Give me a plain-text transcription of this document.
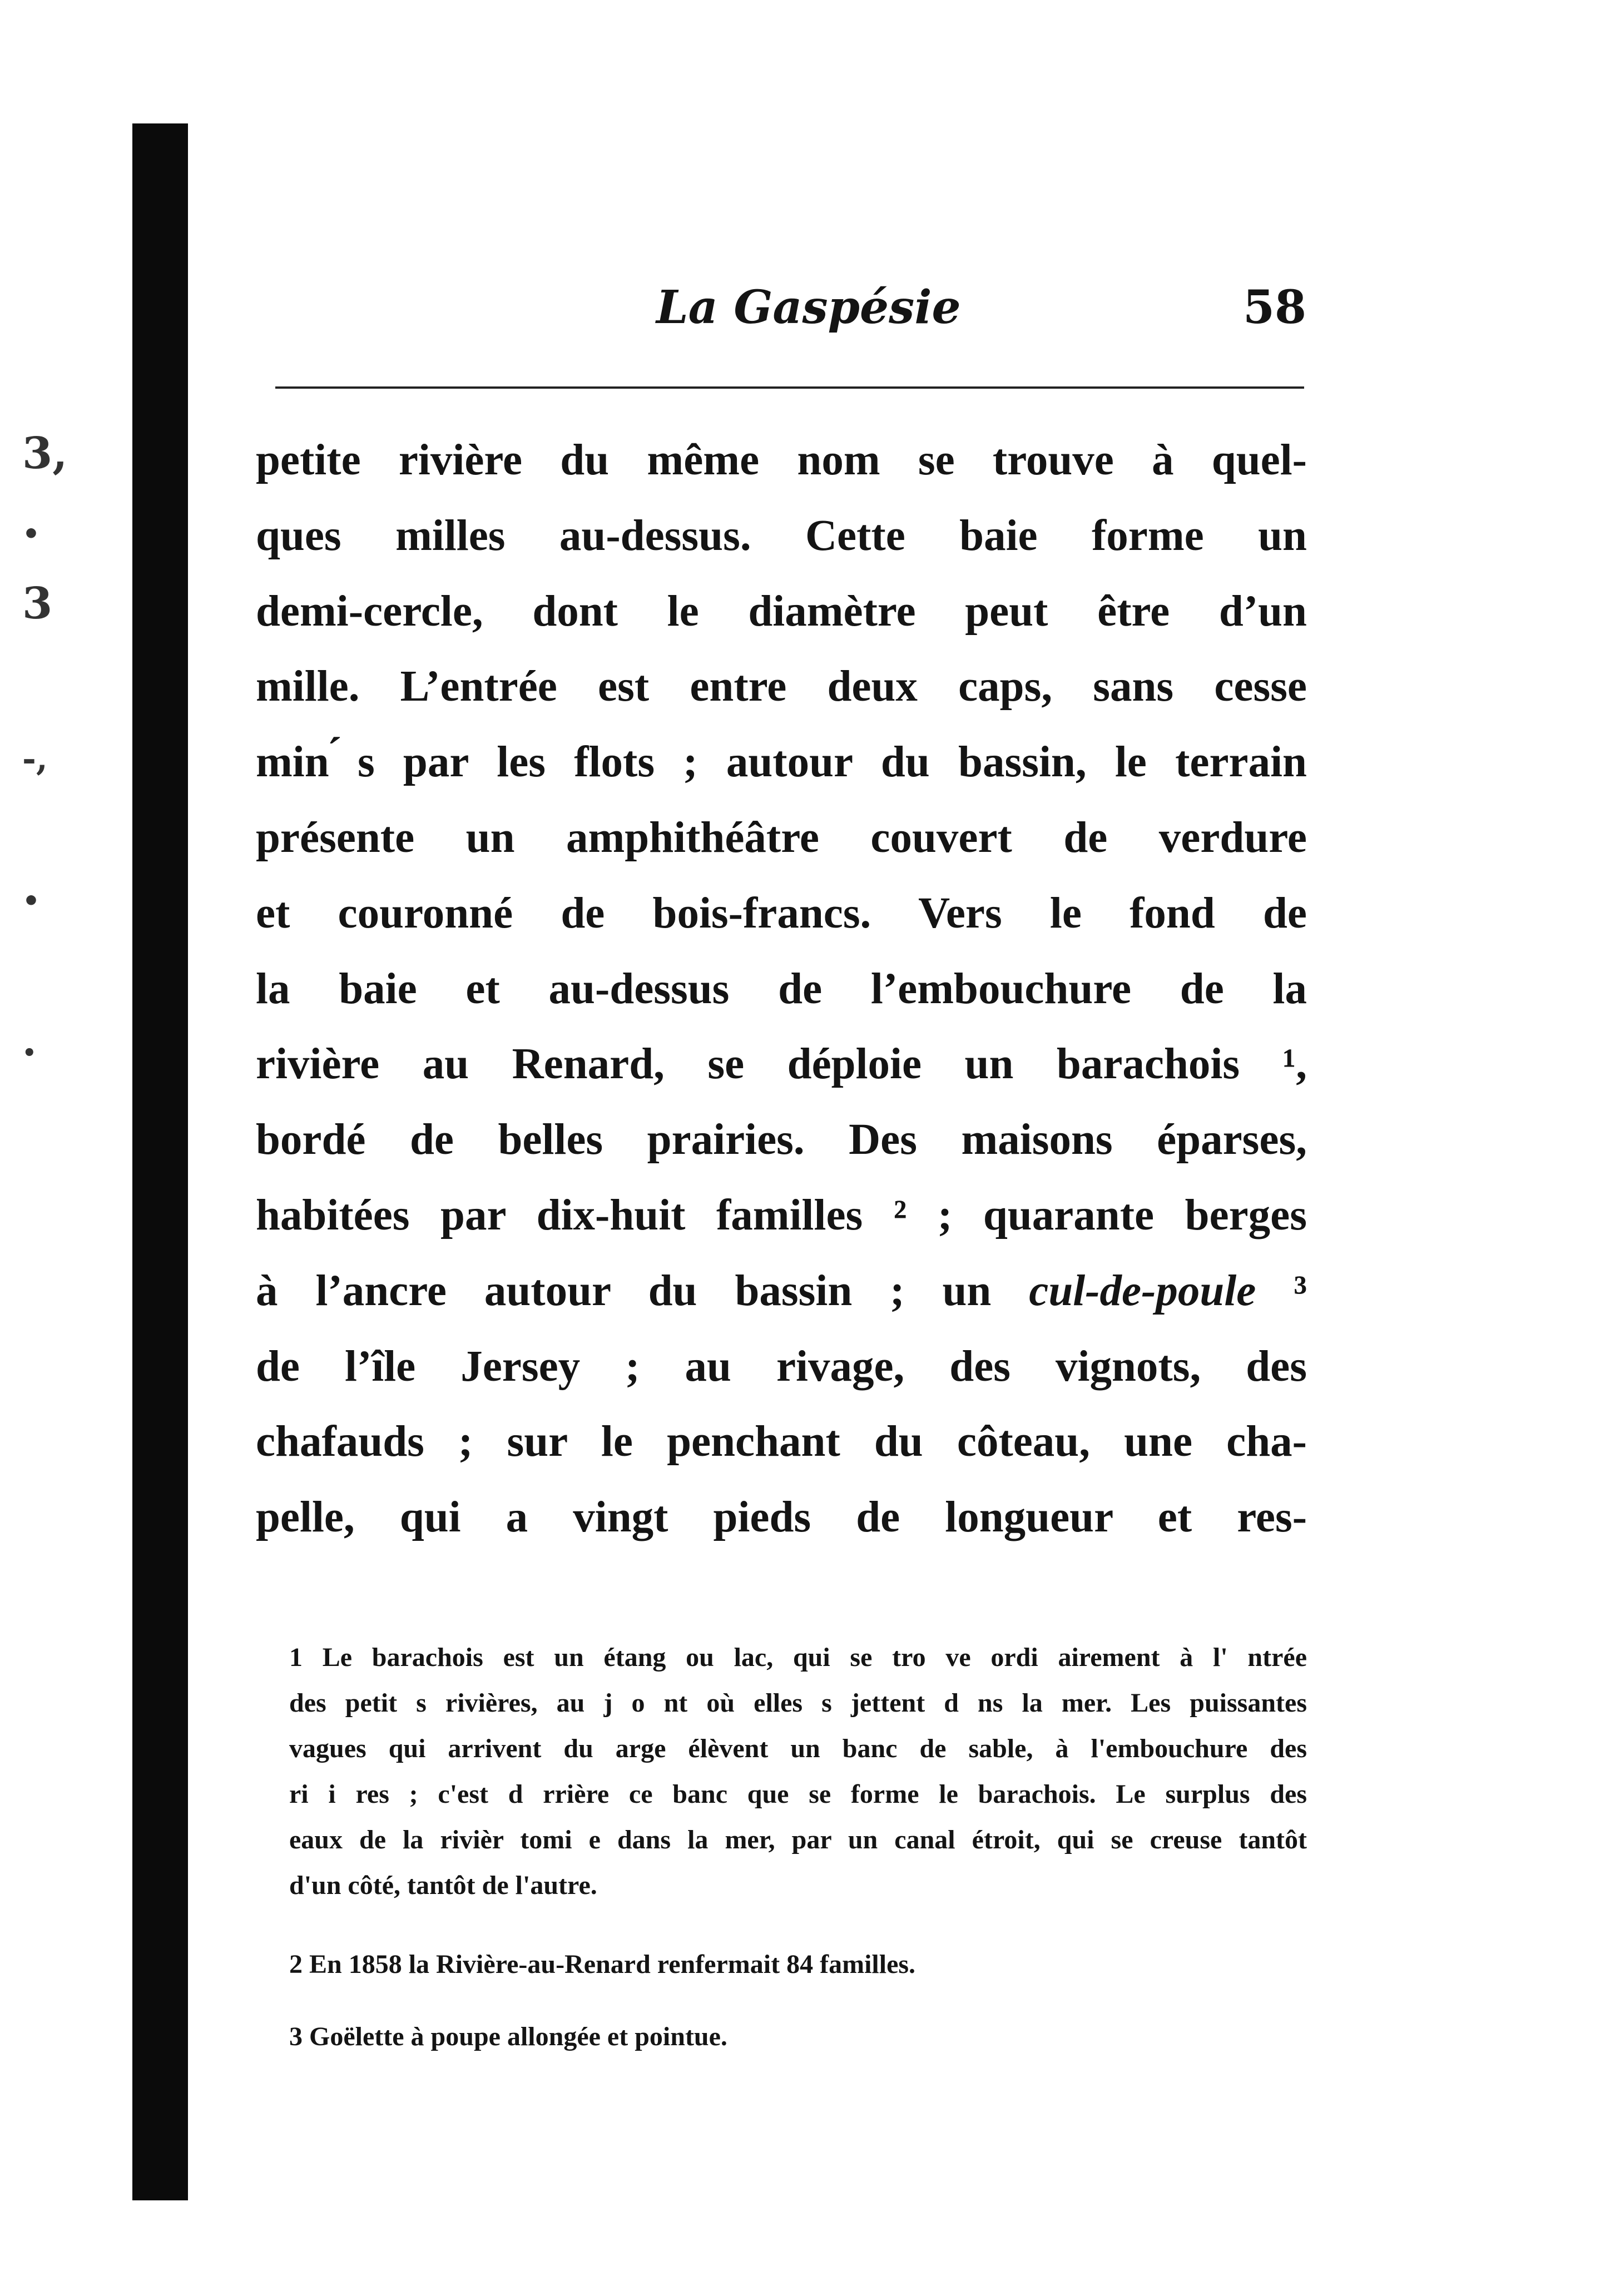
3,
•
3
-,
•
•
La Gaspésie	58
petite rivière du même nom se trouve à quel-
ques milles au-dessus. Cette baie forme un
demi-cercle, dont le diamètre peut être d’un
mille. L’entrée est entre deux caps, sans cesse
min ́s par les flots ; autour du bassin, le terrain
présente un amphithéâtre couvert de verdure
et couronné de bois-francs. Vers le fond de
la baie et au-dessus de l’embouchure de la
rivière au Renard, se déploie un barachois ¹,
bordé de belles prairies. Des maisons éparses,
habitées par dix-huit familles ² ; quarante berges
à l’ancre autour du bassin ; un cul-de-poule ³
de l’île Jersey ; au rivage, des vignots, des
chafauds ; sur le penchant du côteau, une cha-
pelle, qui a vingt pieds de longueur et res-
1 Le barachois est un étang ou lac, qui se tro ve ordi airement à l' ntrée
des petit s rivières, au j o nt où elles s jettent d ns la mer. Les puissantes
vagues qui arrivent du arge élèvent un banc de sable, à l'embouchure des
ri i res ; c'est d rrière ce banc que se forme le barachois. Le surplus des
eaux de la rivièr tomi e dans la mer, par un canal étroit, qui se creuse tantôt
d'un côté, tantôt de l'autre.
2 En 1858 la Rivière-au-Renard renfermait 84 familles.
3 Goëlette à poupe allongée et pointue.
